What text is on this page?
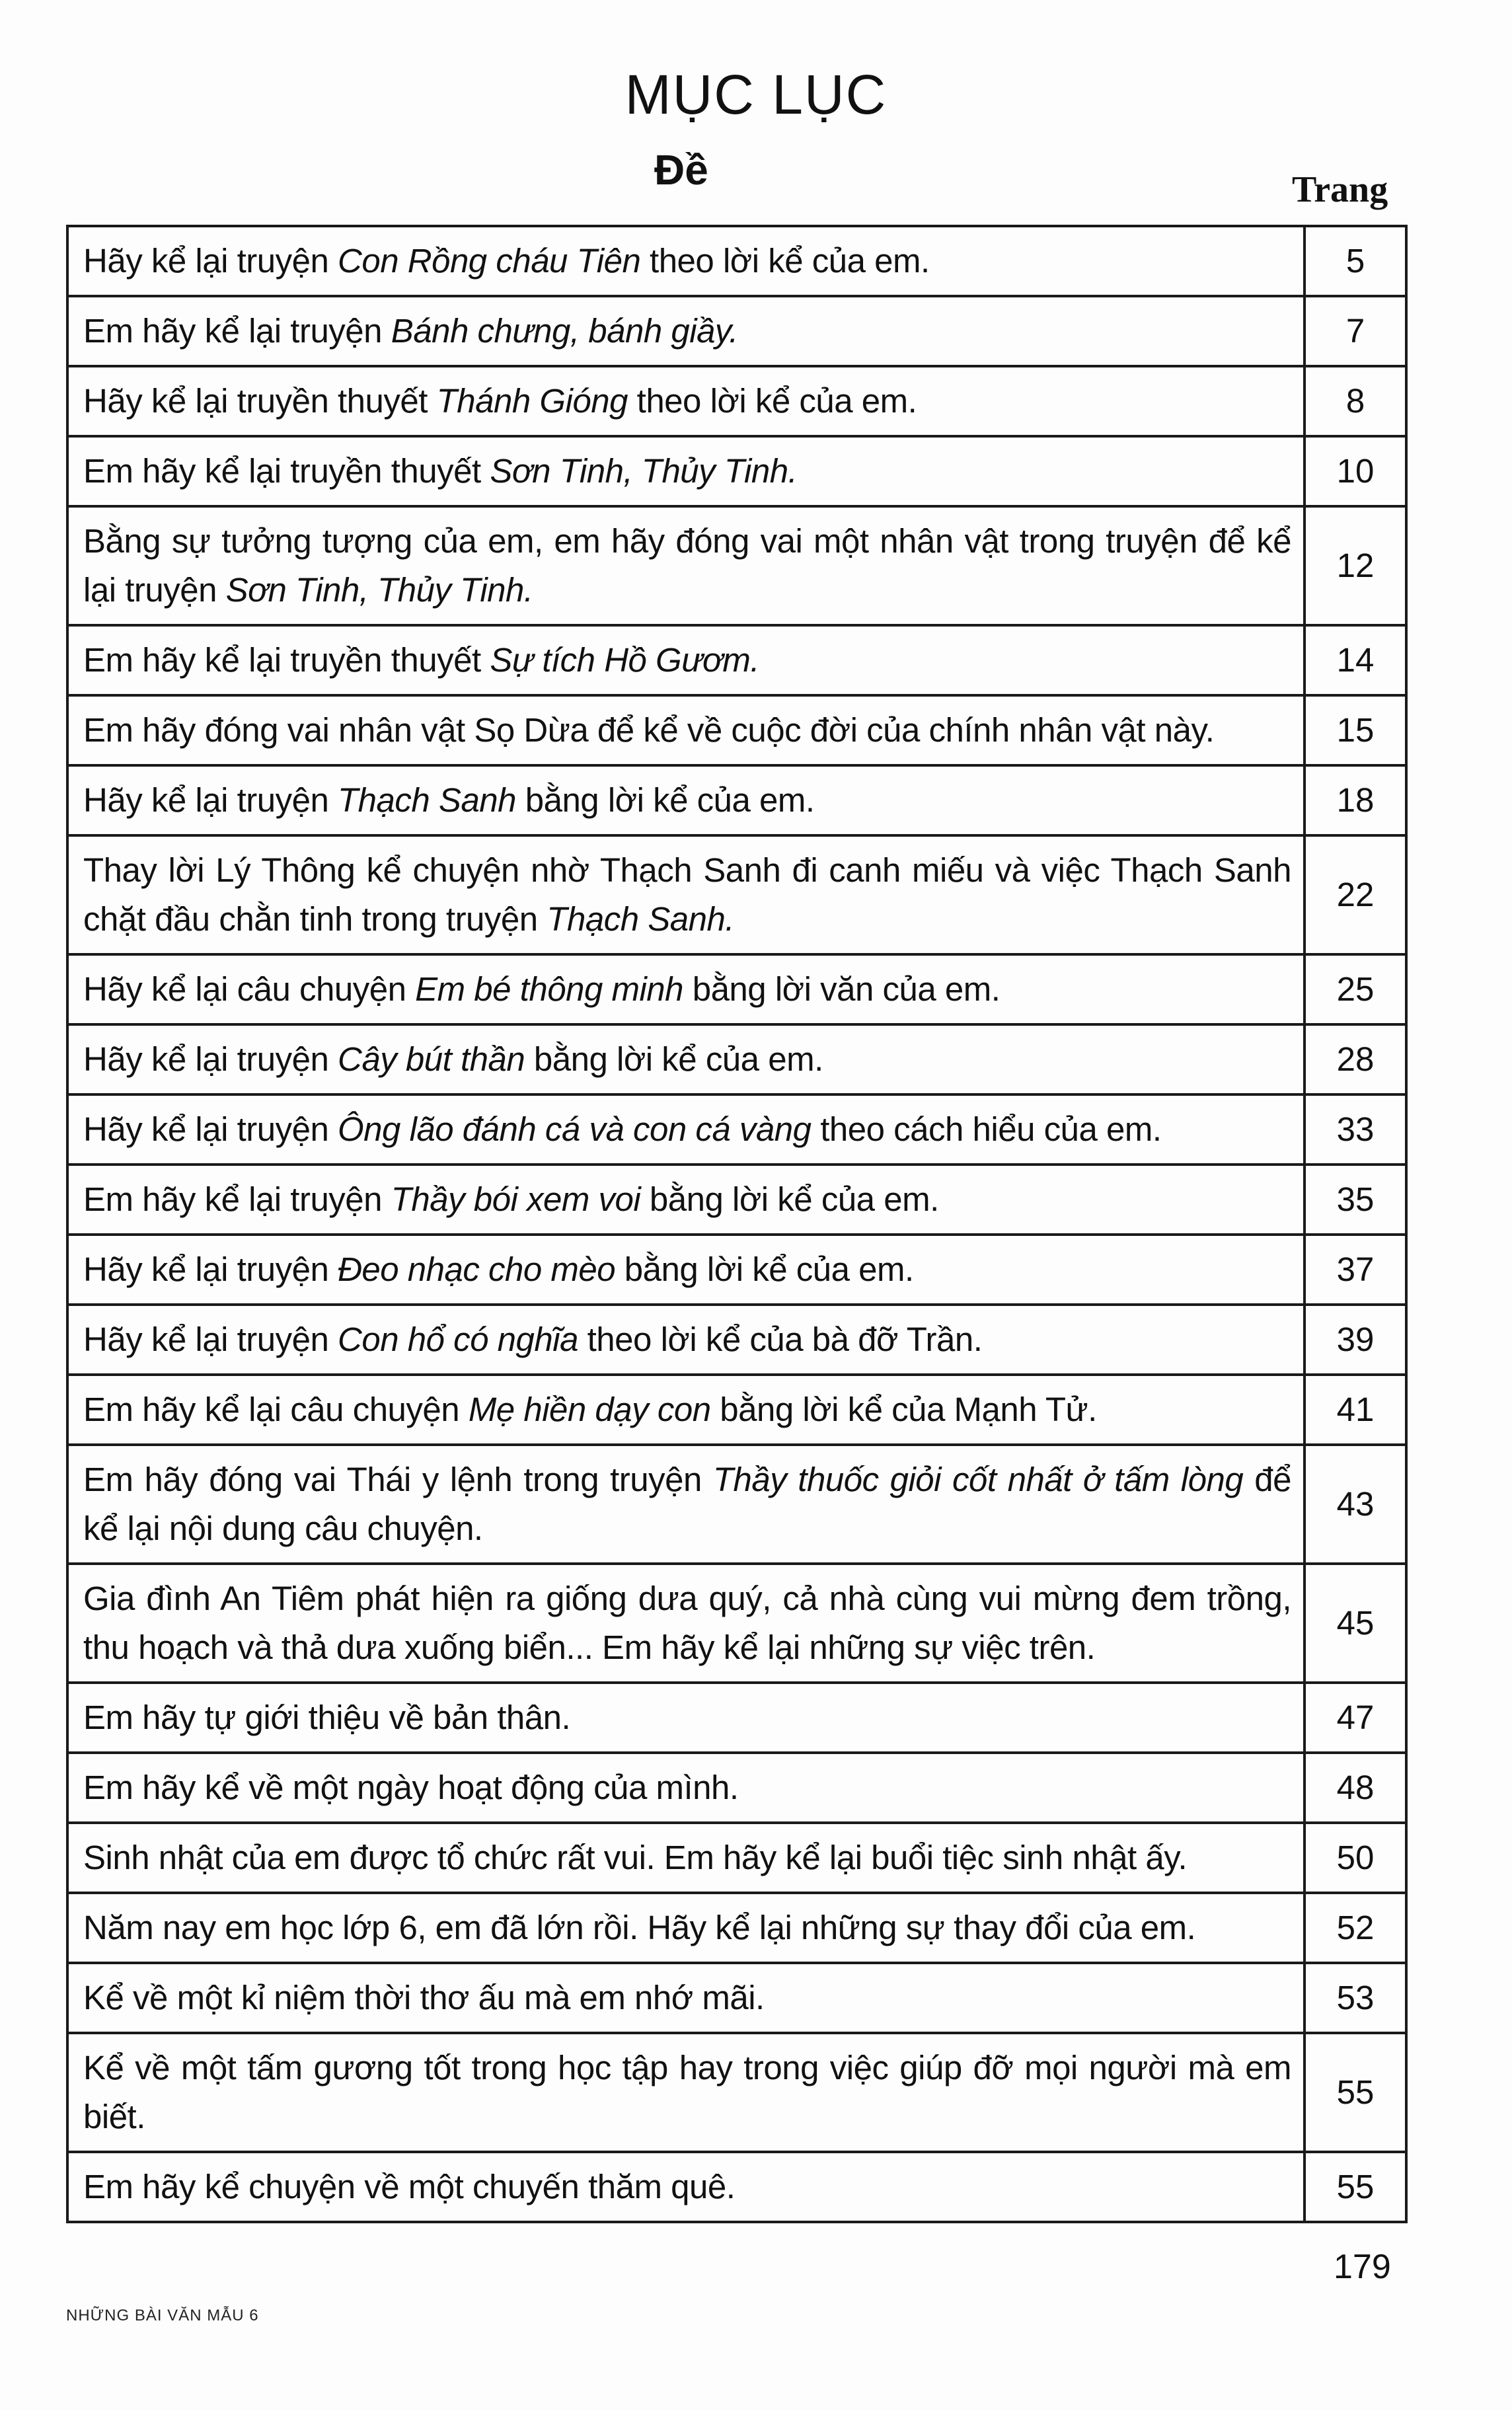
MỤC LỤC
Đề	Trang
Hãy kể lại truyện Con Rồng cháu Tiên theo lời kể của em.	5
Em hãy kể lại truyện Bánh chưng, bánh giầy.	7
Hãy kể lại truyền thuyết Thánh Gióng theo lời kể của em.	8
Em hãy kể lại truyền thuyết Sơn Tinh, Thủy Tinh.	10
Bằng sự tưởng tượng của em, em hãy đóng vai một nhân vật trong truyện để kể lại truyện Sơn Tinh, Thủy Tinh.	12
Em hãy kể lại truyền thuyết Sự tích Hồ Gươm.	14
Em hãy đóng vai nhân vật Sọ Dừa để kể về cuộc đời của chính nhân vật này.	15
Hãy kể lại truyện Thạch Sanh bằng lời kể của em.	18
Thay lời Lý Thông kể chuyện nhờ Thạch Sanh đi canh miếu và việc Thạch Sanh chặt đầu chằn tinh trong truyện Thạch Sanh.	22
Hãy kể lại câu chuyện Em bé thông minh bằng lời văn của em.	25
Hãy kể lại truyện Cây bút thần bằng lời kể của em.	28
Hãy kể lại truyện Ông lão đánh cá và con cá vàng theo cách hiểu của em.	33
Em hãy kể lại truyện Thầy bói xem voi bằng lời kể của em.	35
Hãy kể lại truyện Đeo nhạc cho mèo bằng lời kể của em.	37
Hãy kể lại truyện Con hổ có nghĩa theo lời kể của bà đỡ Trần.	39
Em hãy kể lại câu chuyện Mẹ hiền dạy con bằng lời kể của Mạnh Tử.	41
Em hãy đóng vai Thái y lệnh trong truyện Thầy thuốc giỏi cốt nhất ở tấm lòng để kể lại nội dung câu chuyện.	43
Gia đình An Tiêm phát hiện ra giống dưa quý, cả nhà cùng vui mừng đem trồng, thu hoạch và thả dưa xuống biển... Em hãy kể lại những sự việc trên.	45
Em hãy tự giới thiệu về bản thân.	47
Em hãy kể về một ngày hoạt động của mình.	48
Sinh nhật của em được tổ chức rất vui. Em hãy kể lại buổi tiệc sinh nhật ấy.	50
Năm nay em học lớp 6, em đã lớn rồi. Hãy kể lại những sự thay đổi của em.	52
Kể về một kỉ niệm thời thơ ấu mà em nhớ mãi.	53
Kể về một tấm gương tốt trong học tập hay trong việc giúp đỡ mọi người mà em biết.	55
Em hãy kể chuyện về một chuyến thăm quê.	55
179
NHỮNG BÀI VĂN MẪU 6
